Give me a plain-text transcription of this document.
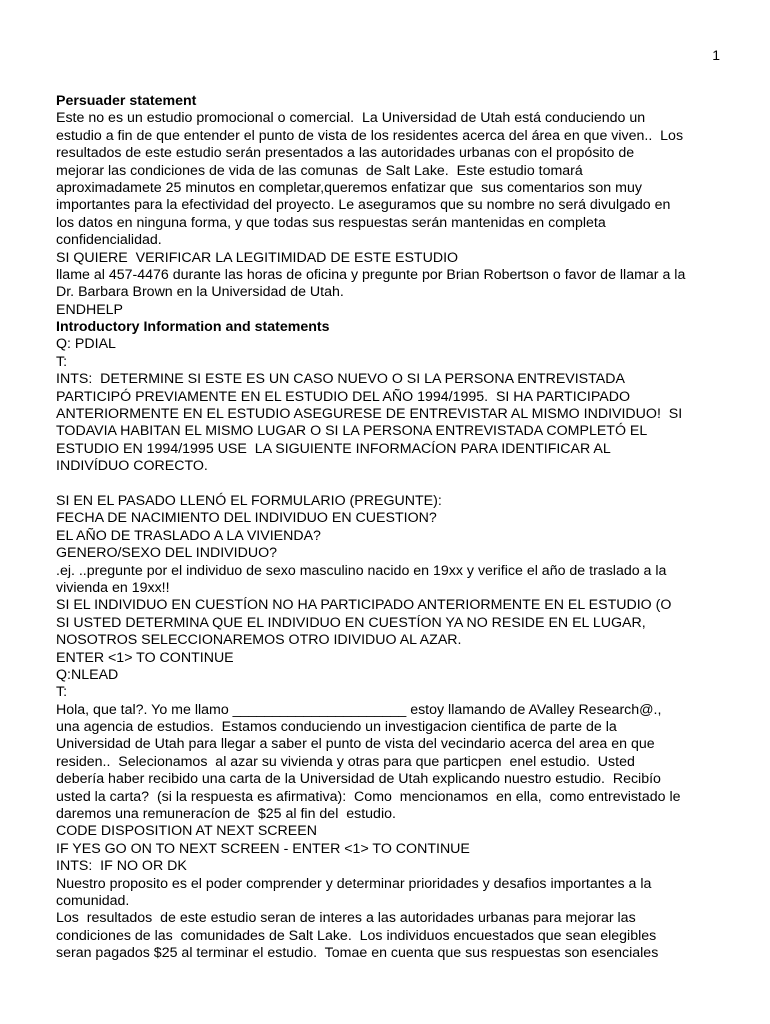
1
Persuader statement
Este no es un estudio promocional o comercial.  La Universidad de Utah está conduciendo un
estudio a fin de que entender el punto de vista de los residentes acerca del área en que viven..  Los
resultados de este estudio serán presentados a las autoridades urbanas con el propósito de
mejorar las condiciones de vida de las comunas  de Salt Lake.  Este estudio tomará
aproximadamete 25 minutos en completar,queremos enfatizar que  sus comentarios son muy
importantes para la efectividad del proyecto. Le aseguramos que su nombre no será divulgado en
los datos en ninguna forma, y que todas sus respuestas serán mantenidas en completa
confidencialidad.
SI QUIERE  VERIFICAR LA LEGITIMIDAD DE ESTE ESTUDIO
llame al 457-4476 durante las horas de oficina y pregunte por Brian Robertson o favor de llamar a la
Dr. Barbara Brown en la Universidad de Utah.
ENDHELP
Introductory Information and statements
Q: PDIAL
T:
INTS:  DETERMINE SI ESTE ES UN CASO NUEVO O SI LA PERSONA ENTREVISTADA
PARTICIPÓ PREVIAMENTE EN EL ESTUDIO DEL AÑO 1994/1995.  SI HA PARTICIPADO
ANTERIORMENTE EN EL ESTUDIO ASEGURESE DE ENTREVISTAR AL MISMO INDIVIDUO!  SI
TODAVIA HABITAN EL MISMO LUGAR O SI LA PERSONA ENTREVISTADA COMPLETÓ EL
ESTUDIO EN 1994/1995 USE  LA SIGUIENTE INFORMACÍON PARA IDENTIFICAR AL
INDIVÍDUO CORECTO.
SI EN EL PASADO LLENÓ EL FORMULARIO (PREGUNTE):
FECHA DE NACIMIENTO DEL INDIVIDUO EN CUESTION?
EL AÑO DE TRASLADO A LA VIVIENDA?
GENERO/SEXO DEL INDIVIDUO?
.ej. ..pregunte por el individuo de sexo masculino nacido en 19xx y verifice el año de traslado a la
vivienda en 19xx!!
SI EL INDIVIDUO EN CUESTÍON NO HA PARTICIPADO ANTERIORMENTE EN EL ESTUDIO (O
SI USTED DETERMINA QUE EL INDIVIDUO EN CUESTÍON YA NO RESIDE EN EL LUGAR,
NOSOTROS SELECCIONAREMOS OTRO IDIVIDUO AL AZAR.
ENTER <1> TO CONTINUE
Q:NLEAD
T:
Hola, que tal?. Yo me llamo ______________________ estoy llamando de AValley Research@.,
una agencia de estudios.  Estamos conduciendo un investigacion cientifica de parte de la
Universidad de Utah para llegar a saber el punto de vista del vecindario acerca del area en que
residen..  Selecionamos  al azar su vivienda y otras para que particpen  enel estudio.  Usted
debería haber recibido una carta de la Universidad de Utah explicando nuestro estudio.  Recibío
usted la carta?  (si la respuesta es afirmativa):  Como  mencionamos  en ella,  como entrevistado le
daremos una remuneracíon de  $25 al fin del  estudio.
CODE DISPOSITION AT NEXT SCREEN
IF YES GO ON TO NEXT SCREEN - ENTER <1> TO CONTINUE
INTS:  IF NO OR DK
Nuestro proposito es el poder comprender y determinar prioridades y desafios importantes a la
comunidad.
Los  resultados  de este estudio seran de interes a las autoridades urbanas para mejorar las
condiciones de las  comunidades de Salt Lake.  Los individuos encuestados que sean elegibles
seran pagados $25 al terminar el estudio.  Tomae en cuenta que sus respuestas son esenciales
